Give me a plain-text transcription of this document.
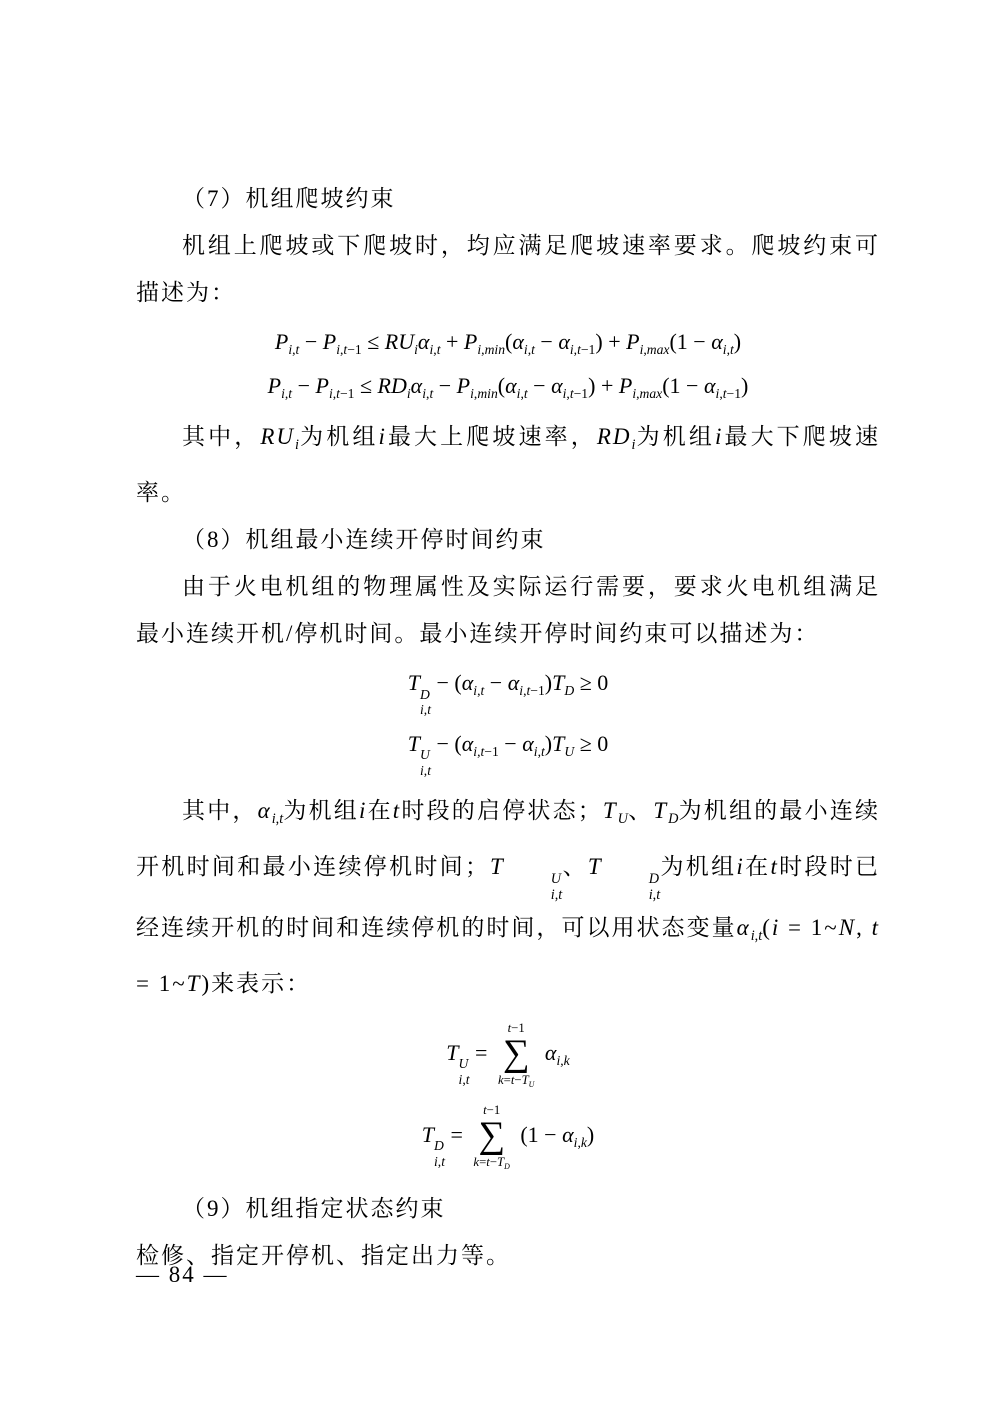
（7）机组爬坡约束

机组上爬坡或下爬坡时，均应满足爬坡速率要求。爬坡约束可描述为：

$P_{i,t} - P_{i,t-1} \le RU_i\alpha_{i,t} + P_{i,min}(\alpha_{i,t} - \alpha_{i,t-1}) + P_{i,max}(1 - \alpha_{i,t})$
$P_{i,t} - P_{i,t-1} \le RD_i\alpha_{i,t} - P_{i,min}(\alpha_{i,t} - \alpha_{i,t-1}) + P_{i,max}(1 - \alpha_{i,t-1})$

其中，$RU_i$为机组i最大上爬坡速率，$RD_i$为机组i最大下爬坡速率。

（8）机组最小连续开停时间约束

由于火电机组的物理属性及实际运行需要，要求火电机组满足最小连续开机/停机时间。最小连续开停时间约束可以描述为：

T D
i,t
− $(\alpha_{i,t} - \alpha_{i,t-1})T_D \ge 0$
T U
i,t
− $(\alpha_{i,t-1} - \alpha_{i,t})T_U \ge 0$

其中，$\alpha_{i,t}$为机组i在t时段的启停状态；$T_U$、$T_D$为机组的最小连续开机时间和最小连续停机时间；T	U
i,t
、T	D
i,t
为机组i在t时段时已经连续开机的时间和连续停机的时间，可以用状态变量$\alpha_{i,t}(i$ = 1~N, t = 1~T)来表示：

T U
i,t
=
t−1
∑
$k=t-T_U$
$\alpha_{i,k}$
T D
i,t
=
t−1
∑
$k=t-T_D$
$(1 - \alpha_{i,k})$
（9）机组指定状态约束

检修、指定开停机、指定出力等。

— 84 —
